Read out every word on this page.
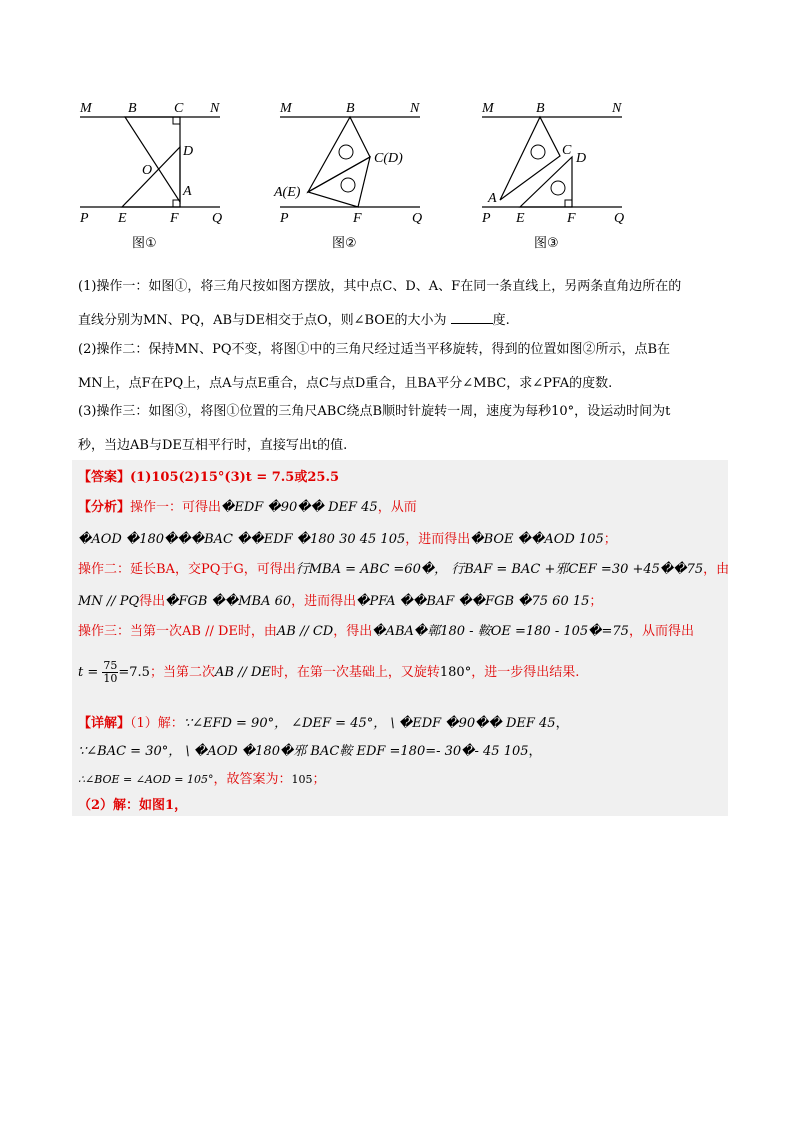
M	B	C N
D
O
A
P E	F Q
图①
M	B	N
C(D)
A(E)
P	F	Q
图②
M	B	N
C
D
A
P E	F	Q
图③
(1)操作一：如图①，将三角尺按如图方摆放，其中点C、D、A、F在同一条直线上，另两条直角边所在的
直线分别为MN、PQ，AB与DE相交于点O，则∠BOE的大小为	度.
(2)操作二：保持MN、PQ不变，将图①中的三角尺经过适当平移旋转，得到的位置如图②所示，点B在
MN上，点F在PQ上，点A与点E重合，点C与点D重合，且BA平分∠MBC，求∠PFA的度数.
(3)操作三：如图③，将图①位置的三角尺ABC绕点B顺时针旋转一周，速度为每秒10°，设运动时间为t
秒，当边AB与DE互相平行时，直接写出t的值.
【答案】(1)105(2)15°(3)t = 7.5或25.5
【分析】操作一：可得出�EDF �90�� DEF 45，从而
�AOD �180���BAC ��EDF �180 30 45 105，进而得出�BOE ��AOD 105；
操作二：延长BA，交PQ于G，可得出行MBA = ABC =60�， 行BAF = BAC +邪CEF =30 +45��75，由
MN // PQ得出�FGB ��MBA 60，进而得出�PFA ��BAF ��FGB �75 60 15；
操作三：当第一次AB // DE时，由AB // CD，得出�ABA�鄣180 - 鞍OE =180 - 105�=75，从而得出
$t = \frac{75}{10} =7.5$；当第二次AB // DE时，在第一次基础上，又旋转180°，进一步得出结果.
【详解】（1）解：∵∠EFD = 90°， ∠DEF = 45°， \ �EDF �90�� DEF 45，
∵∠BAC = 30°， \ �AOD �180�邪 BAC鞍 EDF =180=- 30�- 45 105，
∴∠BOE = ∠AOD = 105°，故答案为：105；
（2）解：如图1，
